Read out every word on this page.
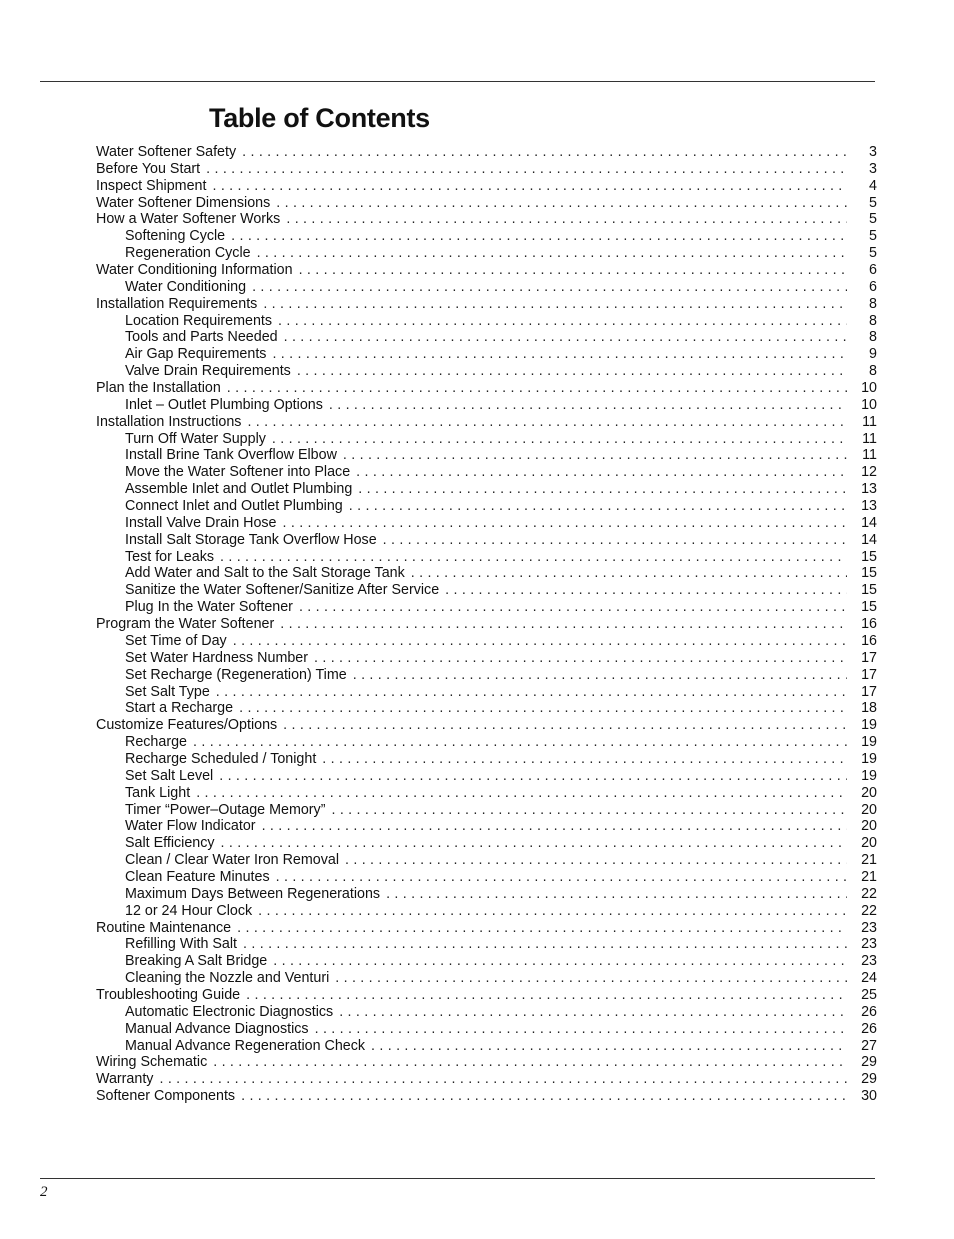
Table of Contents
Water Softener Safety . . .	3
Before You Start . . .	3
Inspect Shipment . . .	4
Water Softener Dimensions . . .	5
How a Water Softener Works . . .	5
Softening Cycle . . .	5
Regeneration Cycle . . .	5
Water Conditioning Information . . .	6
Water Conditioning . . .	6
Installation Requirements . . .	8
Location Requirements . . .	8
Tools and Parts Needed . . .	8
Air Gap Requirements . . .	9
Valve Drain Requirements . . .	8
Plan the Installation . . .	10
Inlet – Outlet Plumbing Options . . .	10
Installation Instructions . . .	11
Turn Off Water Supply . . .	11
Install Brine Tank Overflow Elbow . . .	11
Move the Water Softener into Place . . .	12
Assemble Inlet and Outlet Plumbing . . .	13
Connect Inlet and Outlet Plumbing . . .	13
Install Valve Drain Hose . . .	14
Install Salt Storage Tank Overflow Hose . . .	14
Test for Leaks . . .	15
Add Water and Salt to the Salt Storage Tank . . .	15
Sanitize the Water Softener/Sanitize After Service . . .	15
Plug In the Water Softener . . .	15
Program the Water Softener . . .	16
Set Time of Day . . .	16
Set Water Hardness Number . . .	17
Set Recharge (Regeneration) Time . . .	17
Set Salt Type . . .	17
Start a Recharge . . .	18
Customize Features/Options . . .	19
Recharge . . .	19
Recharge Scheduled / Tonight . . .	19
Set Salt Level . . .	19
Tank Light . . .	20
Timer “Power–Outage Memory” . . .	20
Water Flow Indicator . . .	20
Salt Efficiency . . .	20
Clean / Clear Water Iron Removal . . .	21
Clean Feature Minutes . . .	21
Maximum Days Between Regenerations . . .	22
12 or 24 Hour Clock . . .	22
Routine Maintenance . . .	23
Refilling With Salt . . .	23
Breaking A Salt Bridge . . .	23
Cleaning the Nozzle and Venturi . . .	24
Troubleshooting Guide . . .	25
Automatic Electronic Diagnostics . . .	26
Manual Advance Diagnostics . . .	26
Manual Advance Regeneration Check . . .	27
Wiring Schematic . . .	29
Warranty . . .	29
Softener Components . . .	30
2
